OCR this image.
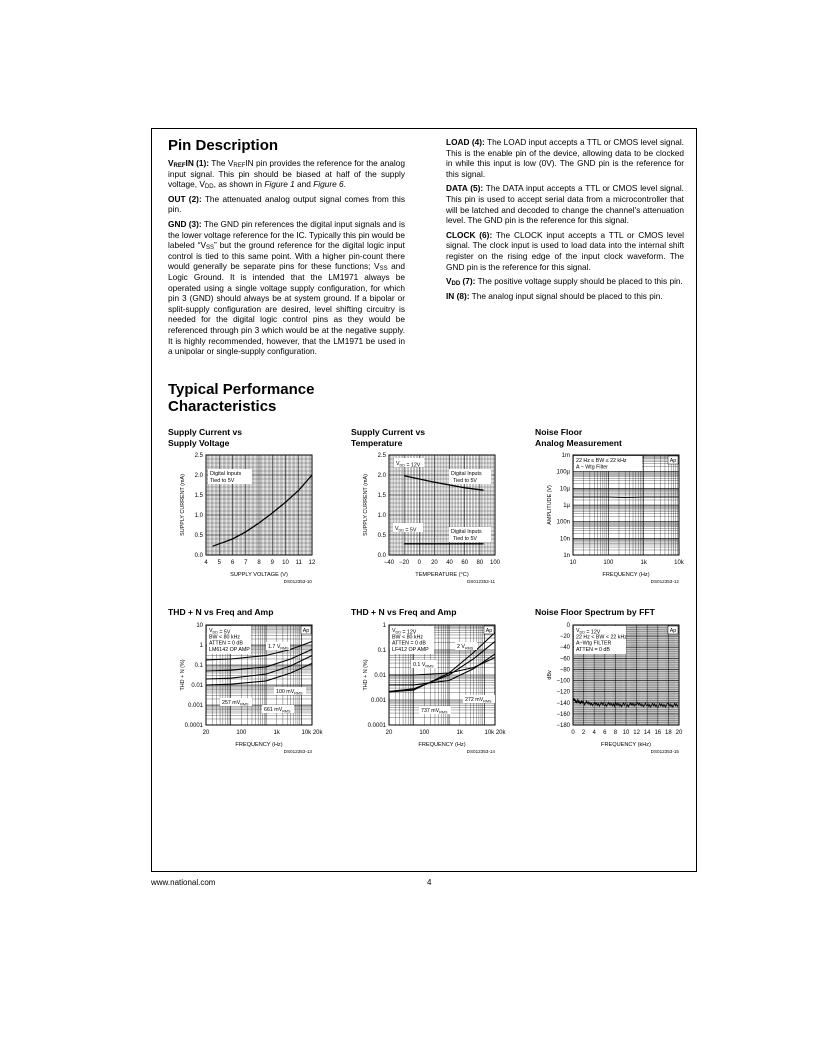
Pin Description

$V_{REF}IN$ (1): The $V_{REF}IN$ pin provides the reference for the analog input signal. This pin should be biased at half of the supply voltage, $V_{DD}$, as shown in Figure 1 and Figure 6.

OUT (2): The attenuated analog output signal comes from this pin.

GND (3): The GND pin references the digital input signals and is the lower voltage reference for the IC. Typically this pin would be labeled “$V_{SS}$” but the ground reference for the digital logic input control is tied to this same point. With a higher pin-count there would generally be separate pins for these functions; $V_{SS}$ and Logic Ground. It is intended that the LM1971 always be operated using a single voltage supply configuration, for which pin 3 (GND) should always be at system ground. If a bipolar or split-supply configuration are desired, level shifting circuitry is needed for the digital logic control pins as they would be referenced through pin 3 which would be at the negative supply. It is highly recommended, however, that the LM1971 be used in a unipolar or single-supply configuration.

LOAD (4): The LOAD input accepts a TTL or CMOS level signal. This is the enable pin of the device, allowing data to be clocked in while this input is low (0V). The GND pin is the reference for this signal.

DATA (5): The DATA input accepts a TTL or CMOS level signal. This pin is used to accept serial data from a microcontroller that will be latched and decoded to change the channel's attenuation level. The GND pin is the reference for this signal.

CLOCK (6): The CLOCK input accepts a TTL or CMOS level signal. The clock input is used to load data into the internal shift register on the rising edge of the input clock waveform. The GND pin is the reference for this signal.

$V_{DD}$ (7): The positive voltage supply should be placed to this pin.

IN (8): The analog input signal should be placed to this pin.

Typical Performance
Characteristics
Supply Current vs
Supply Voltage
Supply Current vs
Temperature
Noise Floor
Analog Measurement
THD + N vs Freq and Amp	THD + N vs Freq and Amp	Noise Floor Spectrum by FFT
4 5 6 7 8 9 10 11 12
0.0
0.5
1.0
1.5
2.0
2.5
SUPPLY VOLTAGE (V)
SUPPLY CURRENT (mA)
DS012353-10
Digital Inputs
Tied to 5V
−40 −20 0 20 40 60 80 100
0.0
0.5
1.0
1.5
2.0
2.5
TEMPERATURE (°C)
SUPPLY CURRENT (mA)
DS012353-11
$V_{DD} = 12V$
Digital Inputs
Tied to 5V
$V_{DD} = 5V$	Digital Inputs
Tied to 5V
10	100	1k	10k
1m
100µ
10µ
1µ
100n
10n
1n
FREQUENCY (Hz)
AMPLITUDE (V)
DS012353-12
22 Hz ≤ BW ≤ 22 kHz
A − Wtg Filter
Ap
20	100	1k	10k 20k
10
1
0.1
0.01
0.001
0.0001
FREQUENCY (Hz)
THD + N (%)
DS012353-13
$V_{DD} = 5V$
BW < 80 kHz
ATTEN = 0 dB
LM6142 OP AMP
Ap
1.7 $V_{RMS}$
100 $mV_{RMS}$
257 $mV_{RMS}$
661 $mV_{RMS}$
20	100	1k	10k 20k
1
0.1
0.01
0.001
0.0001
FREQUENCY (Hz)
THD + N (%)
DS012353-14
$V_{DD} = 12V$
BW < 80 kHz
ATTEN = 0 dB
LF412 OP AMP
Ap
2 $V_{RMS}$
0.1 $V_{RMS}$
272 $mV_{RMS}$
737 $mV_{RMS}$
0 2 4 6 8 10 12 14 16 18 20
0
−20
−40
−60
−80
−100
−120
−140
−160
−180
FREQUENCY (kHz)
dBv
DS012353-15
$V_{DD} = 12V$
22 Hz < BW < 22 kHz
A−Wtg FILTER
ATTEN = 0 dB
Ap
www.national.com	4
